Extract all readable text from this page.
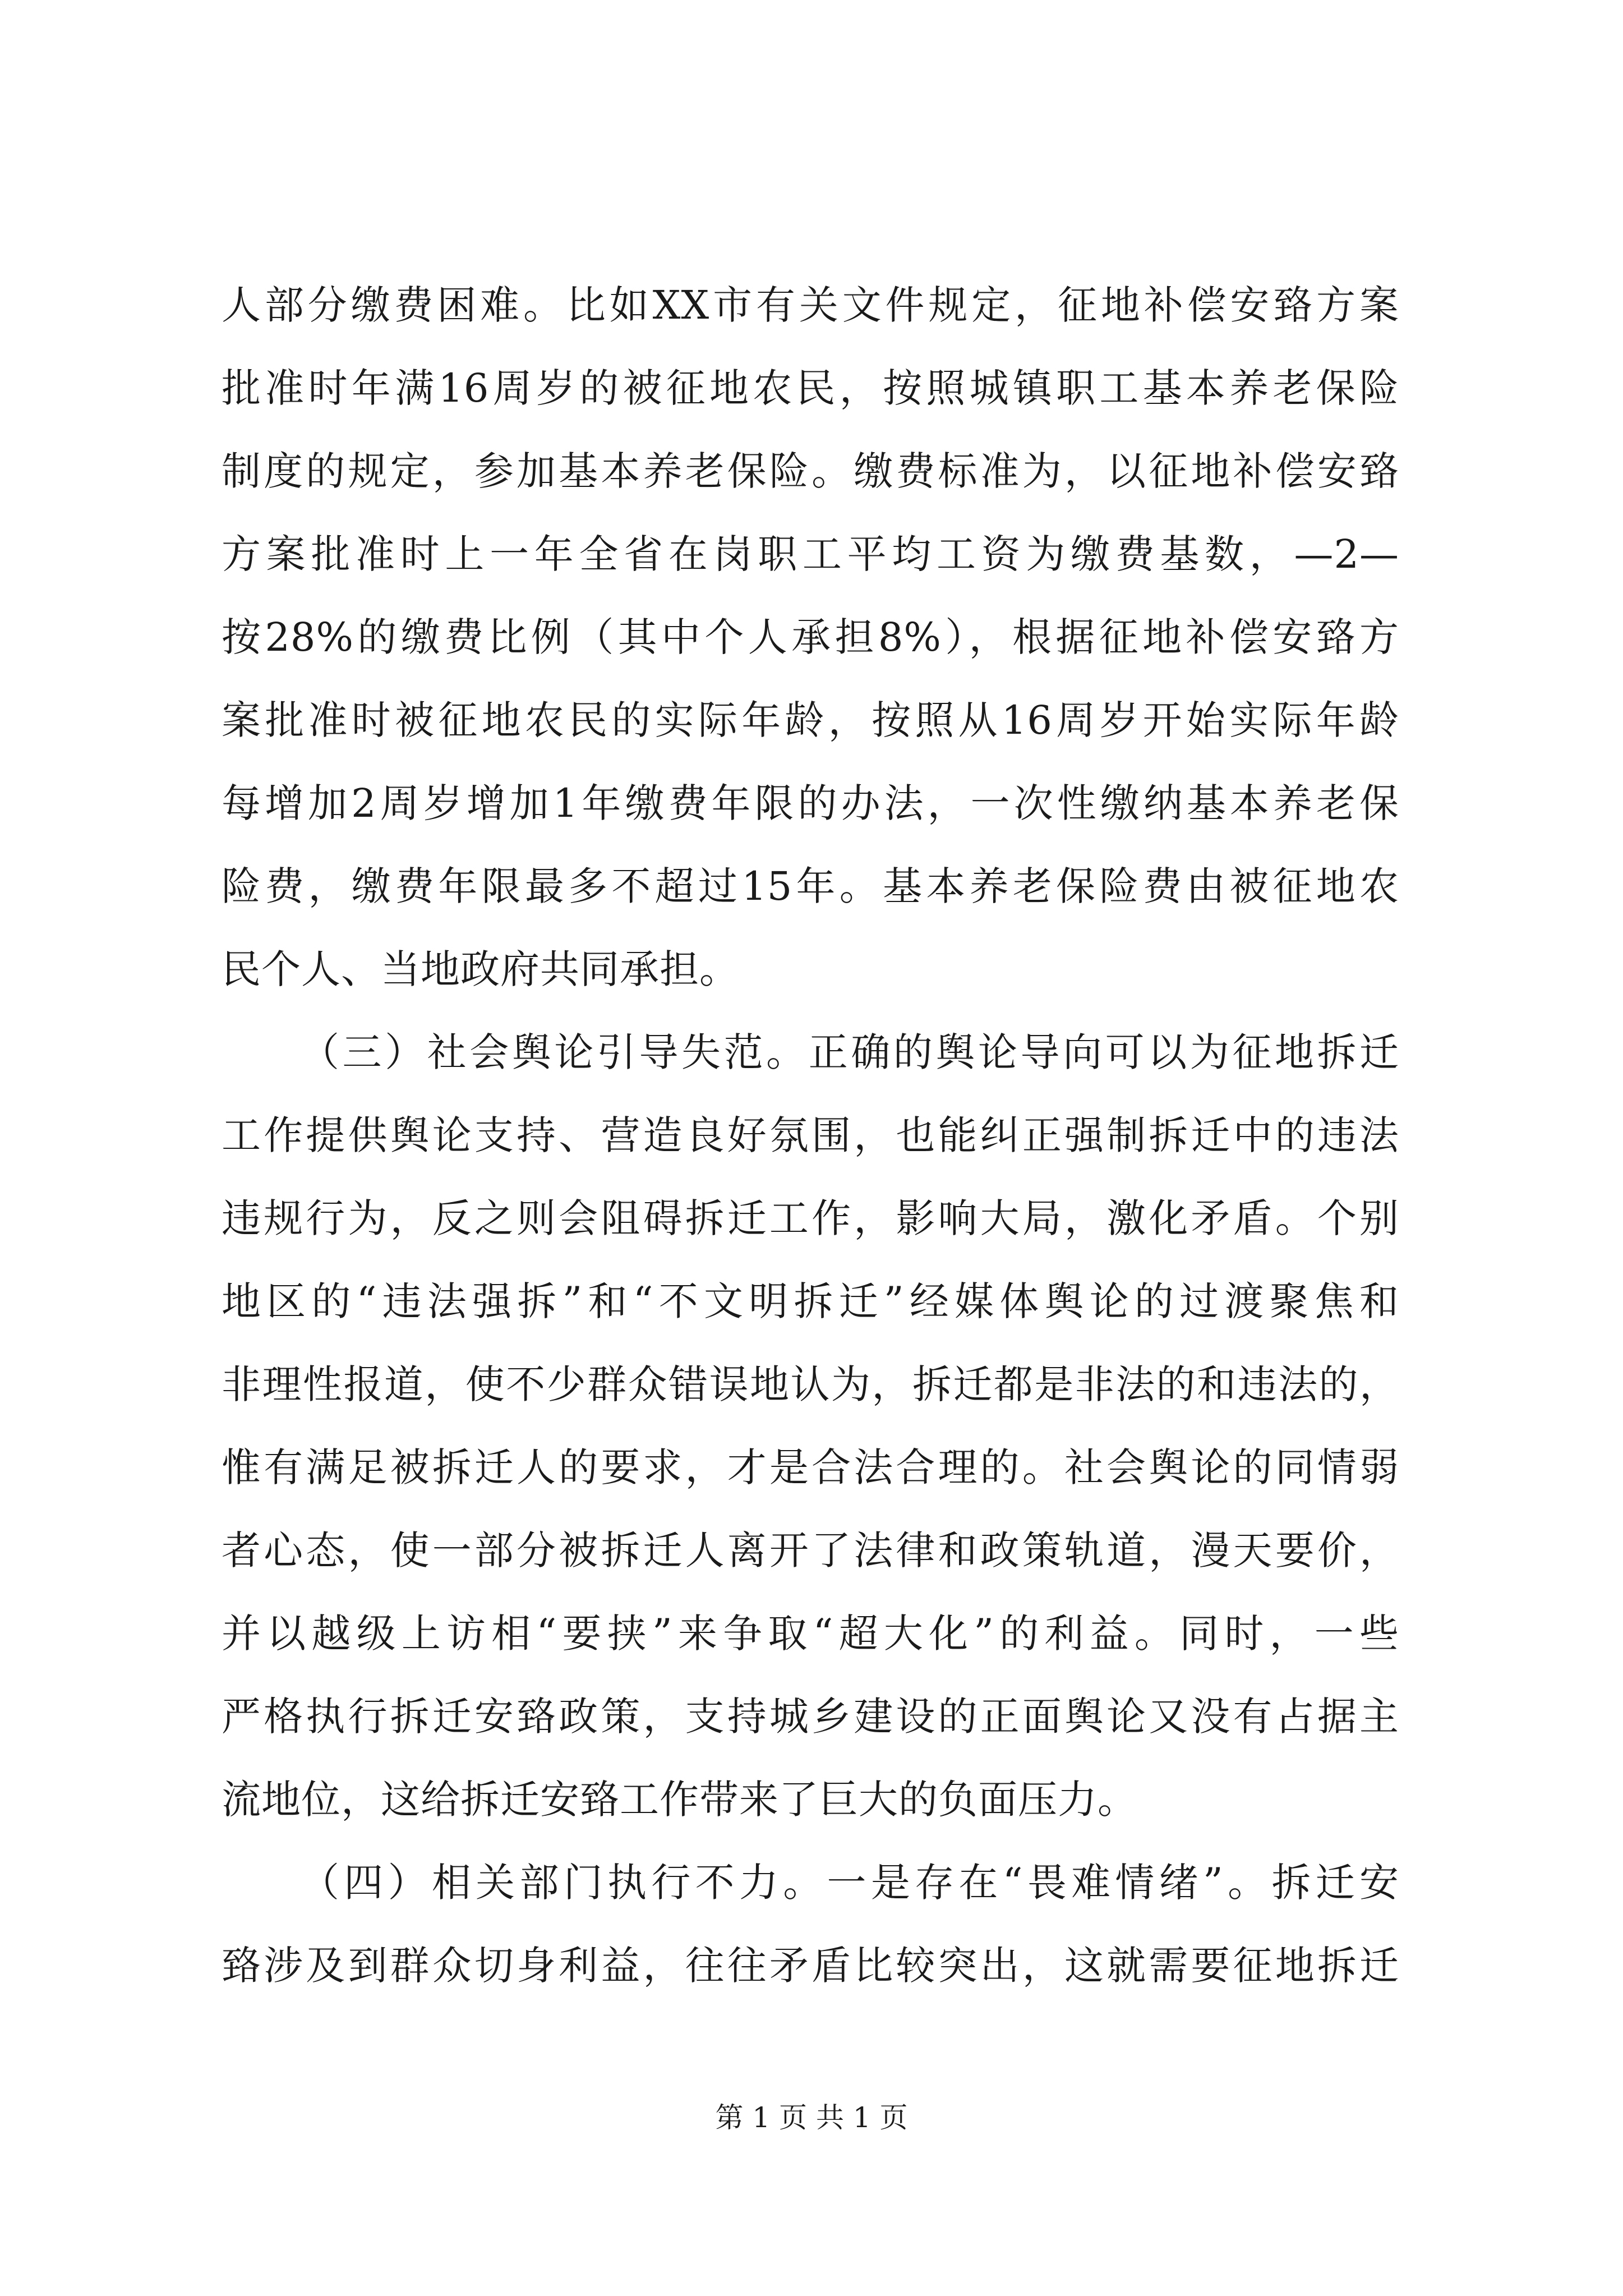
人部分缴费困难。比如XX市有关文件规定，征地补偿安臵方案
批准时年满16周岁的被征地农民，按照城镇职工基本养老保险
制度的规定，参加基本养老保险。缴费标准为，以征地补偿安臵
方案批准时上一年全省在岗职工平均工资为缴费基数，—2—
按28%的缴费比例（其中个人承担8%），根据征地补偿安臵方
案批准时被征地农民的实际年龄，按照从16周岁开始实际年龄
每增加2周岁增加1年缴费年限的办法，一次性缴纳基本养老保
险费，缴费年限最多不超过15年。基本养老保险费由被征地农
民个人、当地政府共同承担。
（三）社会舆论引导失范。正确的舆论导向可以为征地拆迁
工作提供舆论支持、营造良好氛围，也能纠正强制拆迁中的违法
违规行为，反之则会阻碍拆迁工作，影响大局，激化矛盾。个别
地区的“违法强拆”和“不文明拆迁”经媒体舆论的过渡聚焦和
非理性报道，使不少群众错误地认为，拆迁都是非法的和违法的，
惟有满足被拆迁人的要求，才是合法合理的。社会舆论的同情弱
者心态，使一部分被拆迁人离开了法律和政策轨道，漫天要价，
并以越级上访相“要挟”来争取“超大化”的利益。同时，一些
严格执行拆迁安臵政策，支持城乡建设的正面舆论又没有占据主
流地位，这给拆迁安臵工作带来了巨大的负面压力。
（四）相关部门执行不力。一是存在“畏难情绪”。拆迁安
臵涉及到群众切身利益，往往矛盾比较突出，这就需要征地拆迁
第 1 页 共 1 页
